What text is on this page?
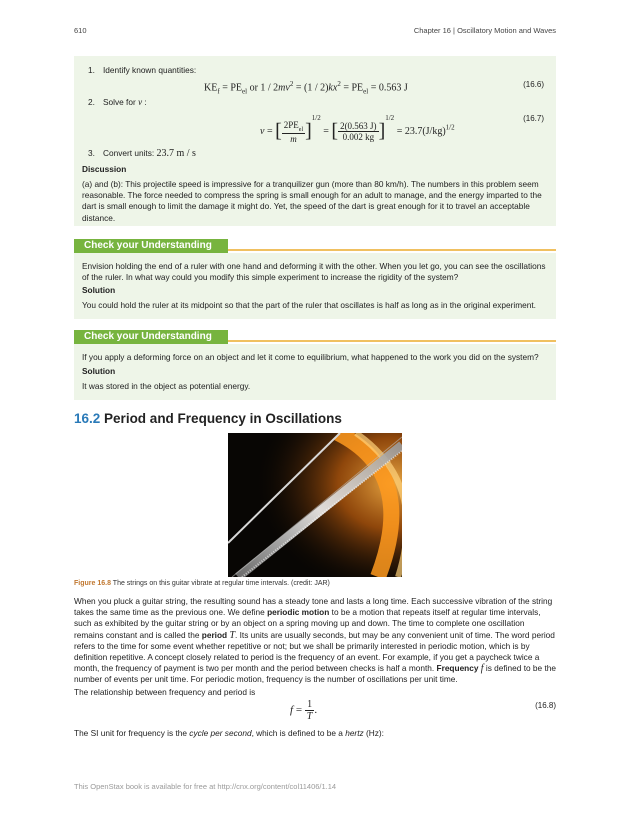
610	Chapter 16 | Oscillatory Motion and Waves
1. Identify known quantities:
$KE_f = PE_{el}$ or $1 / 2mv^2 = (1 / 2)kx^2 = PE_{el} = 0.563$ J	(16.6)
2. Solve for v :
v = [ $\frac{2PE_{el}}{m} ]^{1/2}$ = [ $\frac{2(0.563 J)}{0.002 kg} ]^{1/2} = 23.7(J/kg)^{1/2}$
(16.7)
3. Convert units: 23.7 m / s
Discussion
(a) and (b): This projectile speed is impressive for a tranquilizer gun (more than 80 km/h). The numbers in this problem seem reasonable. The force needed to compress the spring is small enough for an adult to manage, and the energy imparted to the dart is small enough to limit the damage it might do. Yet, the speed of the dart is great enough for it to travel an acceptable distance.
Check your Understanding
Envision holding the end of a ruler with one hand and deforming it with the other. When you let go, you can see the oscillations of the ruler. In what way could you modify this simple experiment to increase the rigidity of the system?
Solution
You could hold the ruler at its midpoint so that the part of the ruler that oscillates is half as long as in the original experiment.
Check your Understanding
If you apply a deforming force on an object and let it come to equilibrium, what happened to the work you did on the system?
Solution
It was stored in the object as potential energy.
16.2 Period and Frequency in Oscillations
Figure 16.8 The strings on this guitar vibrate at regular time intervals. (credit: JAR)
When you pluck a guitar string, the resulting sound has a steady tone and lasts a long time. Each successive vibration of the string takes the same time as the previous one. We define periodic motion to be a motion that repeats itself at regular time intervals, such as exhibited by the guitar string or by an object on a spring moving up and down. The time to complete one oscillation remains constant and is called the period T. Its units are usually seconds, but may be any convenient unit of time. The word period refers to the time for some event whether repetitive or not; but we shall be primarily interested in periodic motion, which is by definition repetitive. A concept closely related to period is the frequency of an event. For example, if you get a paycheck twice a month, the frequency of payment is two per month and the period between checks is half a month. Frequency f is defined to be the number of events per unit time. For periodic motion, frequency is the number of oscillations per unit time.
The relationship between frequency and period is
$f = \frac{1}{T}$ .	(16.8)
The SI unit for frequency is the cycle per second, which is defined to be a hertz (Hz):
This OpenStax book is available for free at http://cnx.org/content/col11406/1.14
